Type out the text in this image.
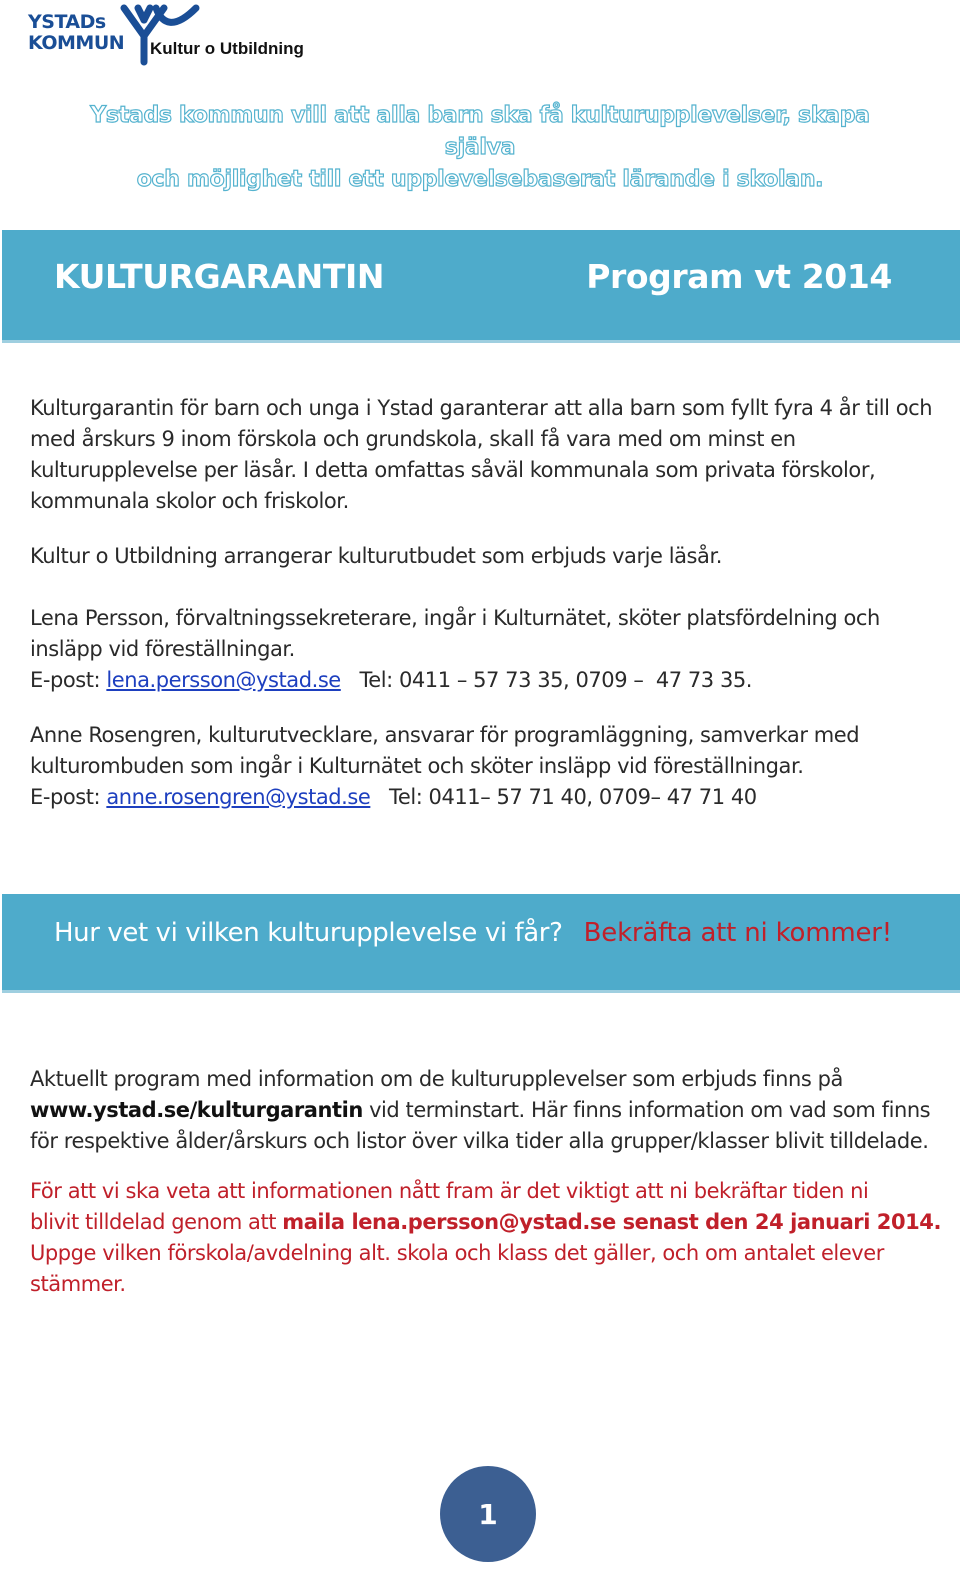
YSTADs
KOMMUN Kultur o Utbildning
Ystads kommun vill att alla barn ska få kulturupplevelser, skapa själva
och möjlighet till ett upplevelsebaserat lärande i skolan.
KULTURGARANTIN	Program vt 2014
Kulturgarantin för barn och unga i Ystad garanterar att alla barn som fyllt fyra 4 år till och
med årskurs 9 inom förskola och grundskola, skall få vara med om minst en
kulturupplevelse per läsår. I detta omfattas såväl kommunala som privata förskolor,
kommunala skolor och friskolor.
Kultur o Utbildning arrangerar kulturutbudet som erbjuds varje läsår.
Lena Persson, förvaltningssekreterare, ingår i Kulturnätet, sköter platsfördelning och
insläpp vid föreställningar.
E-post: lena.persson@ystad.se   Tel: 0411 – 57 73 35, 0709 –  47 73 35.
Anne Rosengren, kulturutvecklare, ansvarar för programläggning, samverkar med
kulturombuden som ingår i Kulturnätet och sköter insläpp vid föreställningar.
E-post: anne.rosengren@ystad.se   Tel: 0411– 57 71 40, 0709– 47 71 40
Hur vet vi vilken kulturupplevelse vi får? Bekräfta att ni kommer!
Aktuellt program med information om de kulturupplevelser som erbjuds finns på
www.ystad.se/kulturgarantin vid terminstart. Här finns information om vad som finns
för respektive ålder/årskurs och listor över vilka tider alla grupper/klasser blivit tilldelade.
För att vi ska veta att informationen nått fram är det viktigt att ni bekräftar tiden ni
blivit tilldelad genom att maila lena.persson@ystad.se senast den 24 januari 2014.
Uppge vilken förskola/avdelning alt. skola och klass det gäller, och om antalet elever
stämmer.
1
